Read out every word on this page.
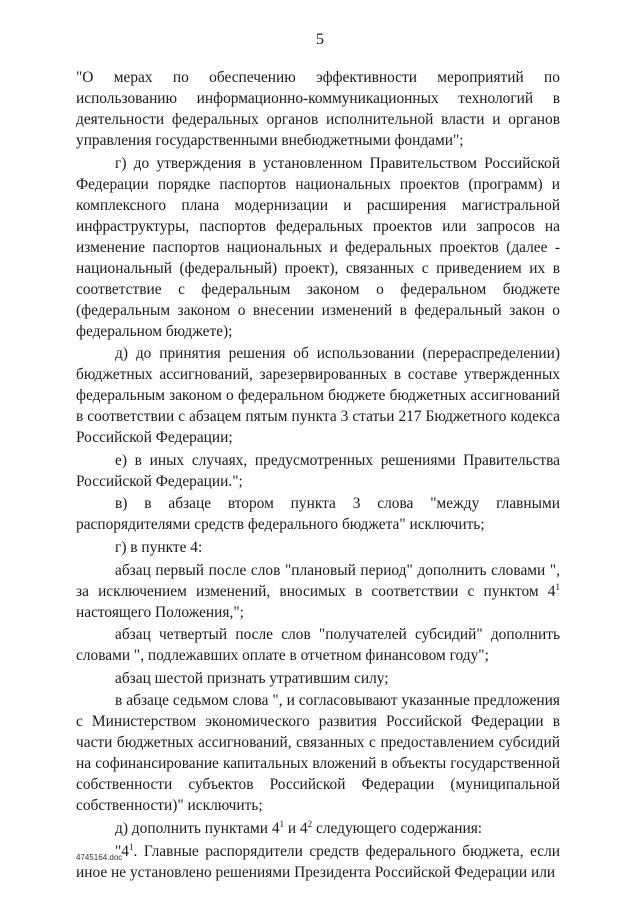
5

"О мерах по обеспечению эффективности мероприятий по использованию информационно-коммуникационных технологий в деятельности федеральных органов исполнительной власти и органов управления государственными внебюджетными фондами";

г) до утверждения в установленном Правительством Российской Федерации порядке паспортов национальных проектов (программ) и комплексного плана модернизации и расширения магистральной инфраструктуры, паспортов федеральных проектов или запросов на изменение паспортов национальных и федеральных проектов (далее - национальный (федеральный) проект), связанных с приведением их в соответствие с федеральным законом о федеральном бюджете (федеральным законом о внесении изменений в федеральный закон о федеральном бюджете);

д) до принятия решения об использовании (перераспределении) бюджетных ассигнований, зарезервированных в составе утвержденных федеральным законом о федеральном бюджете бюджетных ассигнований в соответствии с абзацем пятым пункта 3 статьи 217 Бюджетного кодекса Российской Федерации;

е) в иных случаях, предусмотренных решениями Правительства Российской Федерации.";

в) в абзаце втором пункта 3 слова "между главными распорядителями средств федерального бюджета" исключить;

г) в пункте 4:

абзац первый после слов "плановый период" дополнить словами ", за исключением изменений, вносимых в соответствии с пунктом $4^1$ настоящего Положения,";

абзац четвертый после слов "получателей субсидий" дополнить словами ", подлежавших оплате в отчетном финансовом году";

абзац шестой признать утратившим силу;

в абзаце седьмом слова ", и согласовывают указанные предложения с Министерством экономического развития Российской Федерации в части бюджетных ассигнований, связанных с предоставлением субсидий на софинансирование капитальных вложений в объекты государственной собственности субъектов Российской Федерации (муниципальной собственности)" исключить;

д) дополнить пунктами $4^1$ и $4^2$ следующего содержания:

"$4^1$. Главные распорядители средств федерального бюджета, если иное не установлено решениями Президента Российской Федерации или

4745164.doc
